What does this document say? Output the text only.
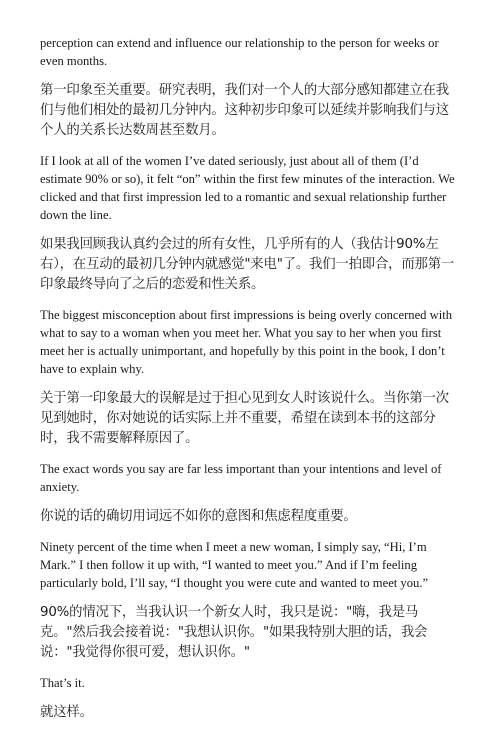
perception can extend and influence our relationship to the person for weeks or even months.

第一印象至关重要。研究表明，我们对一个人的大部分感知都建立在我们与他们相处的最初几分钟内。这种初步印象可以延续并影响我们与这个人的关系长达数周甚至数月。

If I look at all of the women I’ve dated seriously, just about all of them (I’d estimate 90% or so), it felt “on” within the first few minutes of the interaction. We clicked and that first impression led to a romantic and sexual relationship further down the line.

如果我回顾我认真约会过的所有女性，几乎所有的人（我估计90%左右），在互动的最初几分钟内就感觉"来电"了。我们一拍即合，而那第一印象最终导向了之后的恋爱和性关系。

The biggest misconception about first impressions is being overly concerned with what to say to a woman when you meet her. What you say to her when you first meet her is actually unimportant, and hopefully by this point in the book, I don’t have to explain why.

关于第一印象最大的误解是过于担心见到女人时该说什么。当你第一次见到她时，你对她说的话实际上并不重要，希望在读到本书的这部分时，我不需要解释原因了。

The exact words you say are far less important than your intentions and level of anxiety.

你说的话的确切用词远不如你的意图和焦虑程度重要。

Ninety percent of the time when I meet a new woman, I simply say, “Hi, I’m Mark.” I then follow it up with, “I wanted to meet you.” And if I’m feeling particularly bold, I’ll say, “I thought you were cute and wanted to meet you.”

90%的情况下，当我认识一个新女人时，我只是说："嗨，我是马克。"然后我会接着说："我想认识你。"如果我特别大胆的话，我会说："我觉得你很可爱，想认识你。"

That’s it.

就这样。
